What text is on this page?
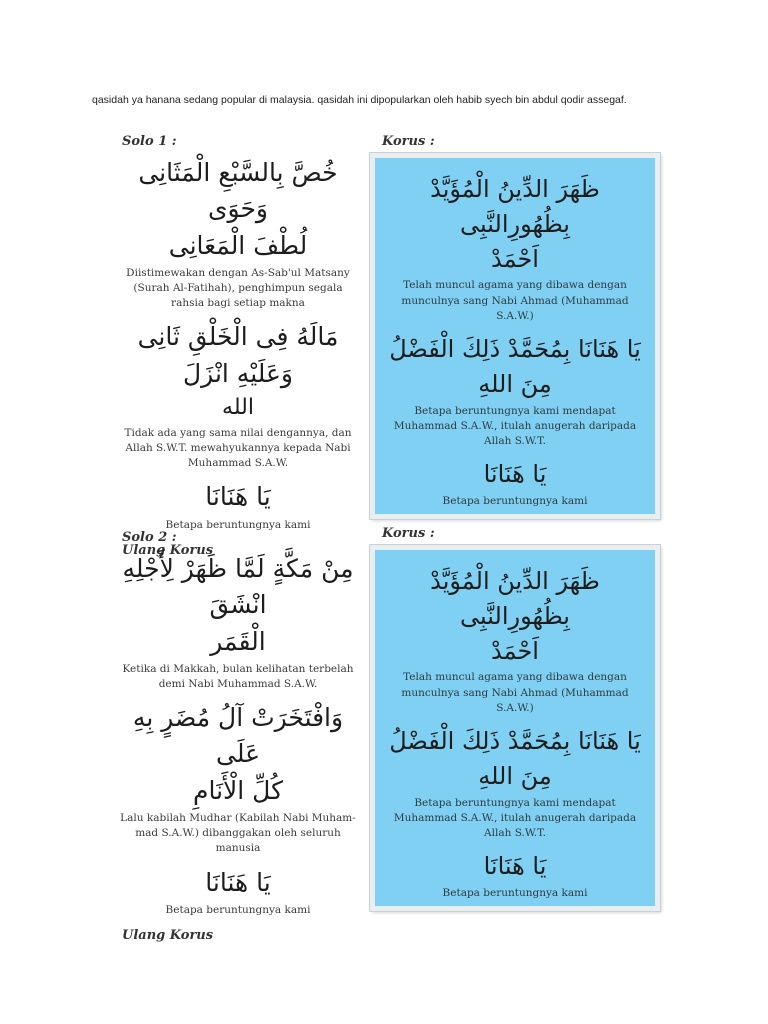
qasidah ya hanana sedang popular di malaysia. qasidah ini dipopularkan oleh habib syech bin abdul qodir assegaf.
Solo 1 :

خُصَّ بِالسَّبْعِ الْمَثَانِى وَحَوَى

لُطْفَ الْمَعَانِى

Diistimewakan dengan As-Sab'ul Matsany (Surah Al-Fatihah), penghimpun segala rahsia bagi setiap makna

مَالَهُ فِى الْخَلْقِ ثَانِى وَعَلَيْهِ انْزَلَ

الله

Tidak ada yang sama nilai dengannya, dan Allah S.W.T. mewahyukannya kepada Nabi Muhammad S.A.W.

يَا هَنَانَا

Betapa beruntungnya kami

Ulang Korus
Korus :

ظَهَرَ الدِّينُ الْمُؤَيَّدْ بِظُهُورِالنَّبِى

اَحْمَدْ

Telah muncul agama yang dibawa dengan munculnya sang Nabi Ahmad (Muhammad S.A.W.)

يَا هَنَانَا بِمُحَمَّدْ ذَلِكَ الْفَضْلُ مِنَ اللهِ

Betapa beruntungnya kami mendapat Muhammad S.A.W., itulah anugerah daripada Allah S.W.T.

يَا هَنَانَا

Betapa beruntungnya kami

Solo 2 :

مِنْ مَكَّةٍ لَمَّا ظَهَرْ لِأَجْلِهِ انْشَقَ

الْقَمَر

Ketika di Makkah, bulan kelihatan terbelah demi Nabi Muhammad S.A.W.

وَافْتَخَرَتْ آلُ مُضَرٍ بِهِ عَلَى

كُلِّ الْأَنَامِ

Lalu kabilah Mudhar (Kabilah Nabi Muham-mad S.A.W.) dibanggakan oleh seluruh manusia

يَا هَنَانَا

Betapa beruntungnya kami

Ulang Korus
Korus :

ظَهَرَ الدِّينُ الْمُؤَيَّدْ بِظُهُورِالنَّبِى

اَحْمَدْ

Telah muncul agama yang dibawa dengan munculnya sang Nabi Ahmad (Muhammad S.A.W.)

يَا هَنَانَا بِمُحَمَّدْ ذَلِكَ الْفَضْلُ مِنَ اللهِ

Betapa beruntungnya kami mendapat Muhammad S.A.W., itulah anugerah daripada Allah S.W.T.

يَا هَنَانَا

Betapa beruntungnya kami
